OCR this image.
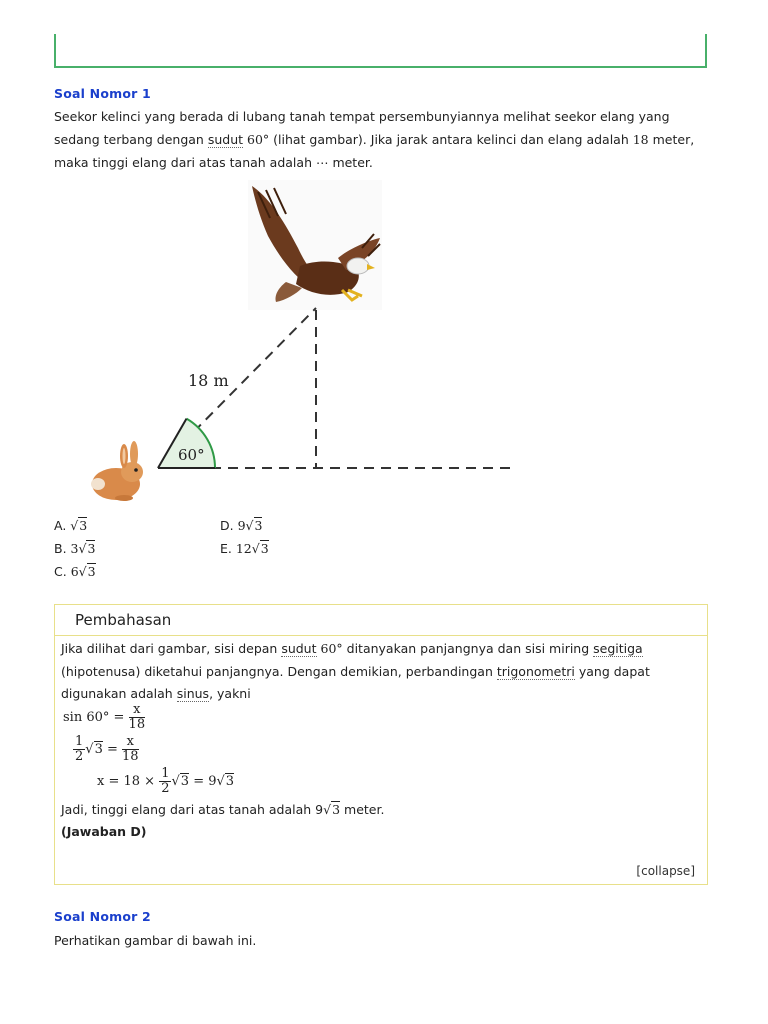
Soal Nomor 1
Seekor kelinci yang berada di lubang tanah tempat persembunyiannya melihat seekor elang yang sedang terbang dengan sudut 60° (lihat gambar). Jika jarak antara kelinci dan elang adalah 18 meter, maka tinggi elang dari atas tanah adalah ⋯ meter.
60°
18 m
A. √3
B. 3√3
C. 6√3
D. 9√3
E. 12√3
Pembahasan
Jika dilihat dari gambar, sisi depan sudut 60° ditanyakan panjangnya dan sisi miring segitiga
(hipotenusa) diketahui panjangnya. Dengan demikian, perbandingan trigonometri yang dapat
digunakan adalah sinus, yakni
$\sin 60^\circ = \frac{x}{18}$
$\frac{1}{2} √3 = \frac{x}{18}$
$x = 18 \times \frac{1}{2} √3 = 9√3$
Jadi, tinggi elang dari atas tanah adalah 9√3 meter.
(Jawaban D)
[collapse]
Soal Nomor 2
Perhatikan gambar di bawah ini.
